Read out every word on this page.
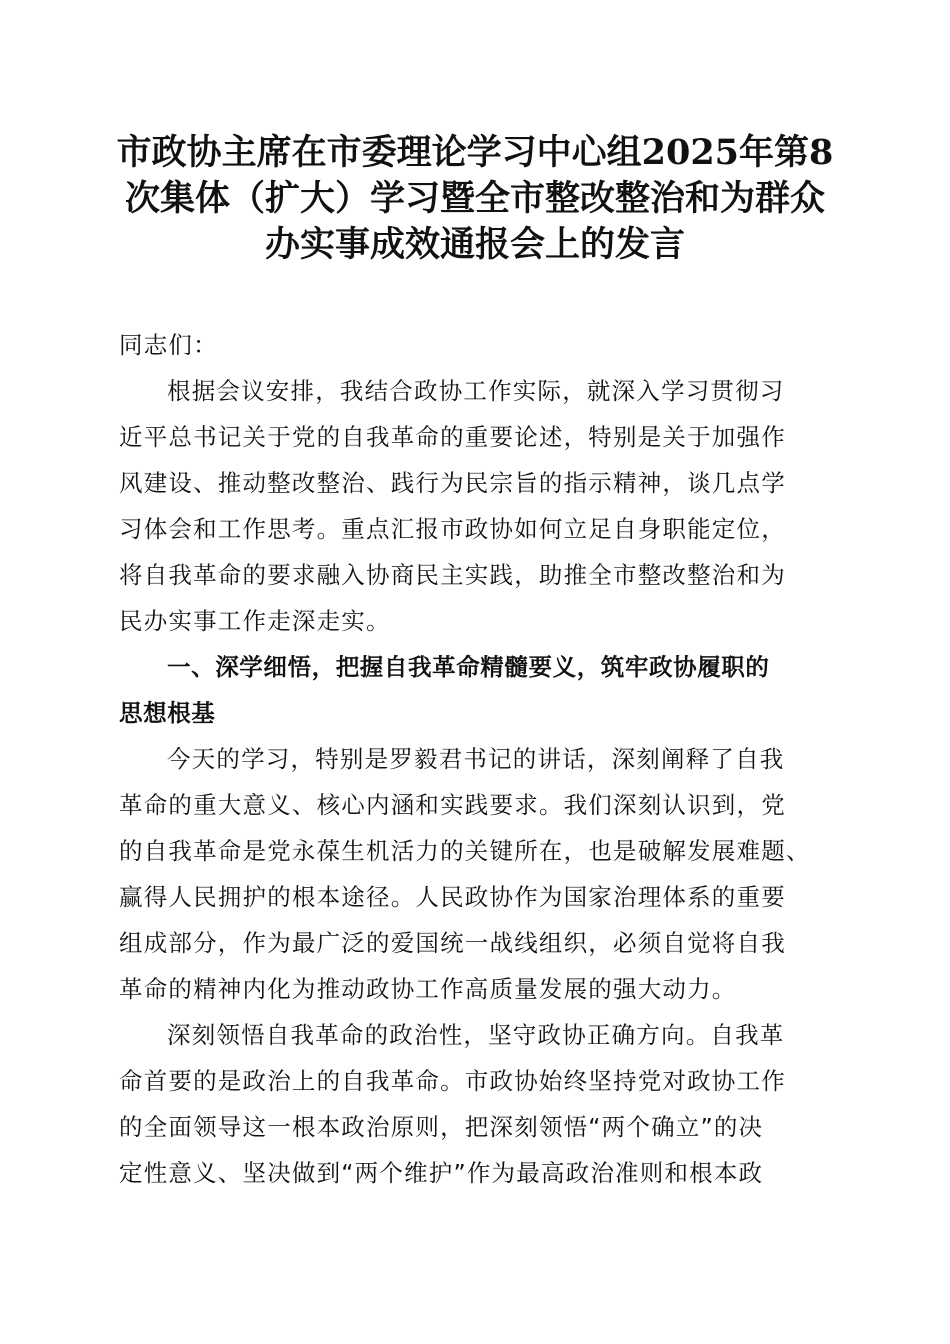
市政协主席在市委理论学习中心组2025年第8
次集体（扩大）学习暨全市整改整治和为群众
办实事成效通报会上的发言
同志们：
根据会议安排，我结合政协工作实际，就深入学习贯彻习
近平总书记关于党的自我革命的重要论述，特别是关于加强作
风建设、推动整改整治、践行为民宗旨的指示精神，谈几点学
习体会和工作思考。重点汇报市政协如何立足自身职能定位，
将自我革命的要求融入协商民主实践，助推全市整改整治和为
民办实事工作走深走实。
一、深学细悟，把握自我革命精髓要义，筑牢政协履职的
思想根基
今天的学习，特别是罗毅君书记的讲话，深刻阐释了自我
革命的重大意义、核心内涵和实践要求。我们深刻认识到，党
的自我革命是党永葆生机活力的关键所在，也是破解发展难题、
赢得人民拥护的根本途径。人民政协作为国家治理体系的重要
组成部分，作为最广泛的爱国统一战线组织，必须自觉将自我
革命的精神内化为推动政协工作高质量发展的强大动力。
深刻领悟自我革命的政治性，坚守政协正确方向。自我革
命首要的是政治上的自我革命。市政协始终坚持党对政协工作
的全面领导这一根本政治原则，把深刻领悟“两个确立”的决
定性意义、坚决做到“两个维护”作为最高政治准则和根本政
